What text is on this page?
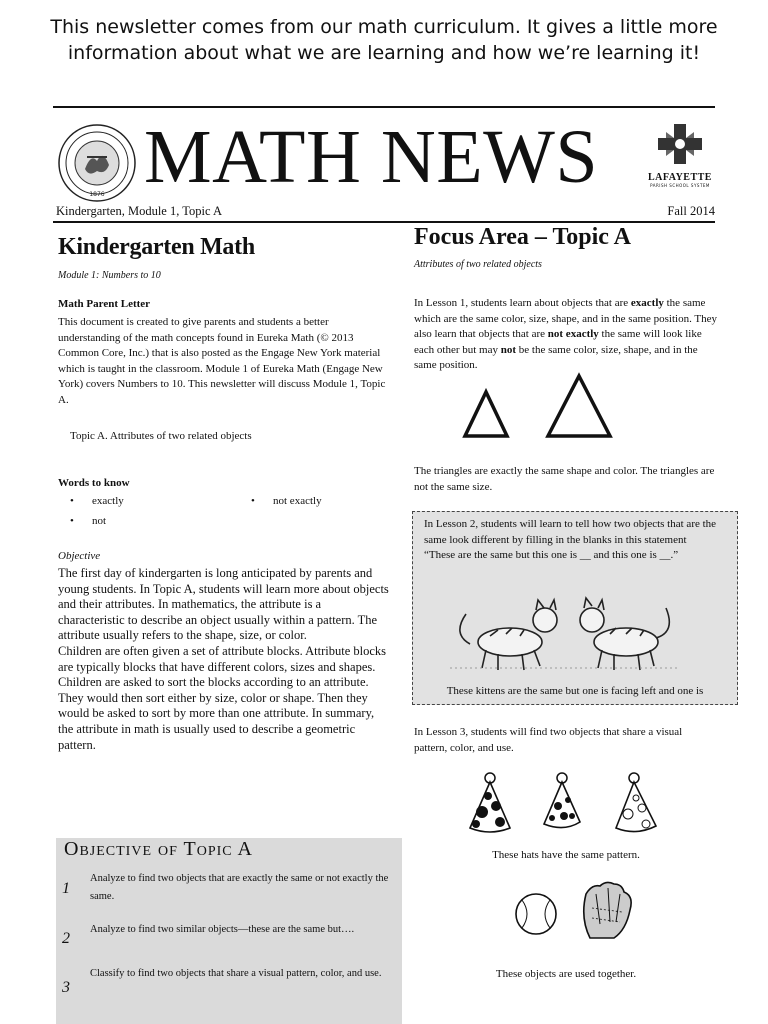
This newsletter comes from our math curriculum. It gives a little more information about what we are learning and how we’re learning it!
1876 MATH NEWS	LAFAYETTE
PARISH SCHOOL SYSTEM
Kindergarten, Module 1, Topic A	Fall 2014
Kindergarten Math
Module 1: Numbers to 10
Math Parent Letter
This document is created to give parents and students a better understanding of the math concepts found in Eureka Math (© 2013 Common Core, Inc.) that is also posted as the Engage New York material which is taught in the classroom. Module 1 of Eureka Math (Engage New York) covers Numbers to 10. This newsletter will discuss Module 1, Topic A.
Topic A. Attributes of two related objects
Words to know
• exactly
•	not exactly
• not
Objective
The first day of kindergarten is long anticipated by parents and young students. In Topic A, students will learn more about objects and their attributes. In mathematics, the attribute is a characteristic to describe an object usually within a pattern. The attribute usually refers to the shape, size, or color.
Children are often given a set of attribute blocks. Attribute blocks are typically blocks that have different colors, sizes and shapes. Children are asked to sort the blocks according to an attribute. They would then sort either by size, color or shape. Then they would be asked to sort by more than one attribute. In summary, the attribute in math is usually used to describe a geometric pattern.
Objective of Topic A
1
Analyze to find two objects that are exactly the same or not exactly the same.
2
Analyze to find two similar objects—these are the same but….
3
Classify to find two objects that share a visual pattern, color, and use.
Focus Area – Topic A
Attributes of two related objects
In Lesson 1, students learn about objects that are exactly the same which are the same color, size, shape, and in the same position. They also learn that objects that are not exactly the same will look like each other but may not be the same color, size, shape, and in the same position.
The triangles are exactly the same shape and color. The triangles are not the same size.
In Lesson 2, students will learn to tell how two objects that are the same look different by filling in the blanks in this statement “These are the same but this one is __ and this one is __.”
These kittens are the same but one is facing left and one is
In Lesson 3, students will find two objects that share a visual pattern, color, and use.
These hats have the same pattern.
These objects are used together.
